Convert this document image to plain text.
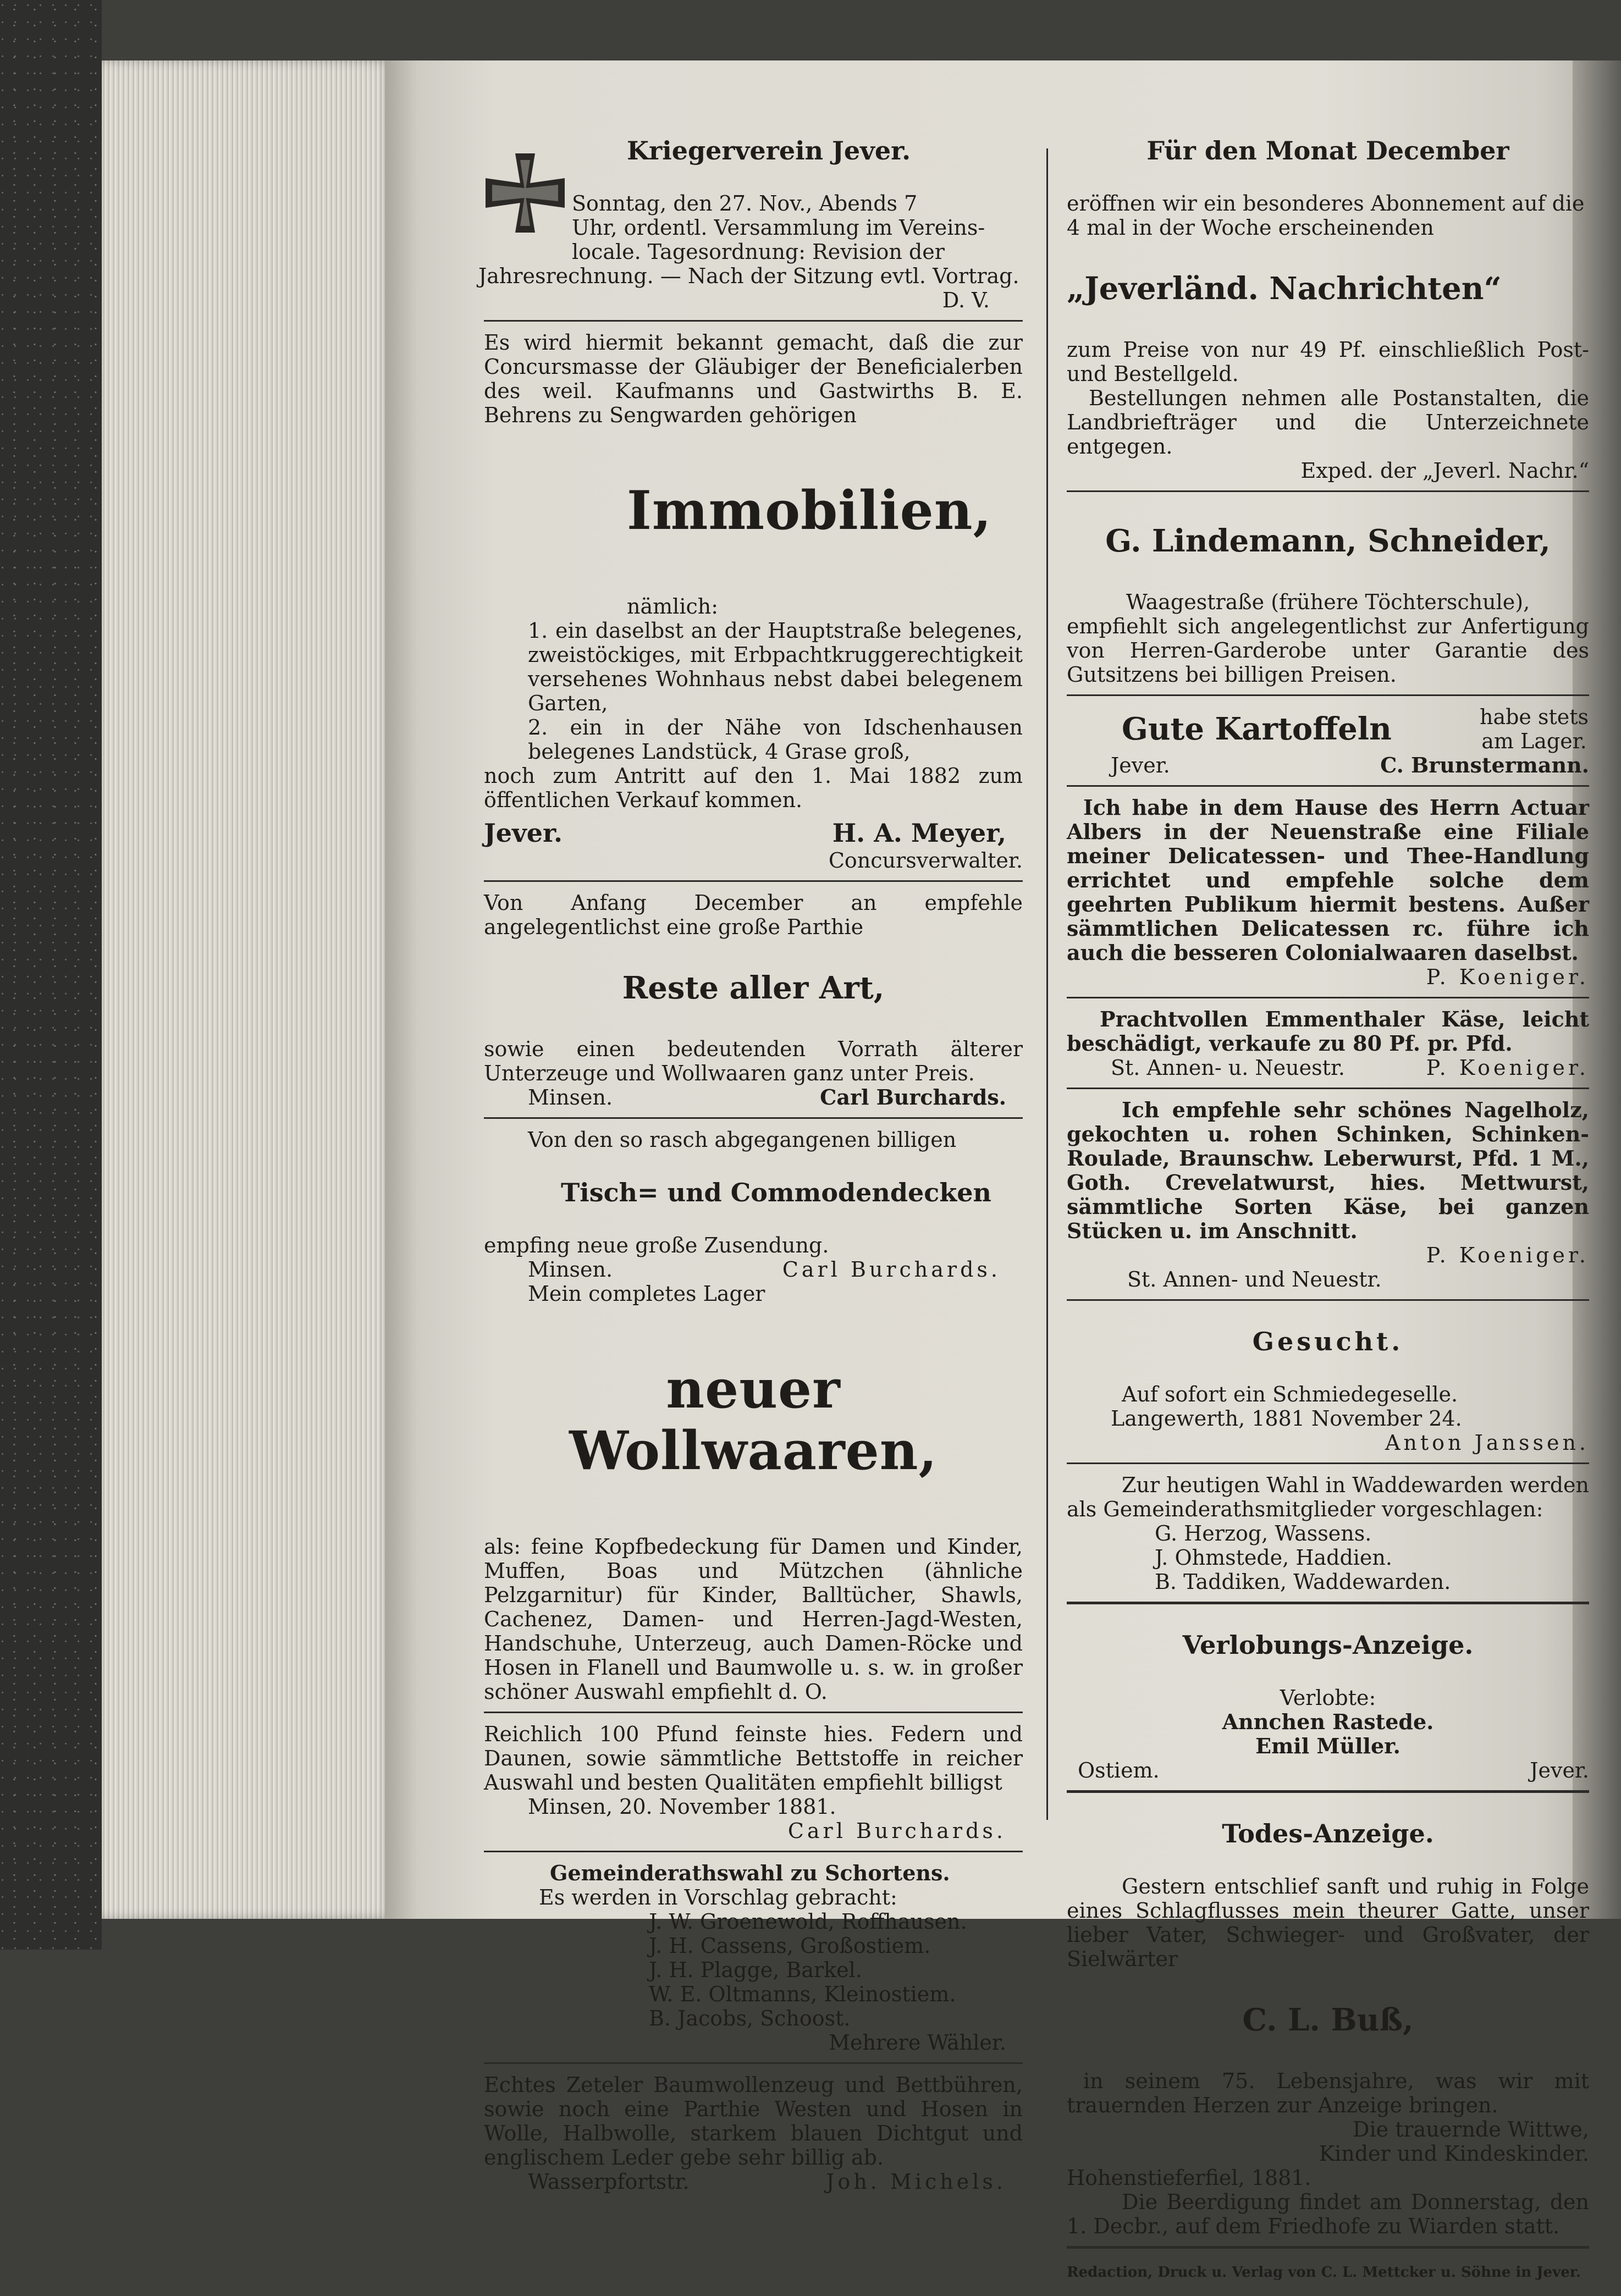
Kriegerverein Jever.

Sonntag, den 27. Nov., Abends 7

Uhr, ordentl. Versammlung im Vereins-

locale. Tagesordnung: Revision der

Jahresrechnung. — Nach der Sitzung evtl. Vortrag.

D. V.

Es wird hiermit bekannt gemacht, daß die zur Concursmasse der Gläubiger der Beneficialerben des weil. Kaufmanns und Gastwirths B. E. Behrens zu Sengwarden gehörigen

Immobilien,

nämlich:

1. ein daselbst an der Hauptstraße belegenes, zweistöckiges, mit Erbpachtkruggerechtigkeit versehenes Wohnhaus nebst dabei belegenem Garten,

2. ein in der Nähe von Idschenhausen belegenes Landstück, 4 Grase groß,

noch zum Antritt auf den 1. Mai 1882 zum öffentlichen Verkauf kommen.

Jever.	H. A. Meyer,

Concursverwalter.

Von Anfang December an empfehle angelegentlichst eine große Parthie

Reste aller Art,

sowie einen bedeutenden Vorrath älterer Unterzeuge und Wollwaaren ganz unter Preis.

Minsen.	Carl Burchards.

Von den so rasch abgegangenen billigen

Tisch= und Commodendecken

empfing neue große Zusendung.

Minsen.	Carl Burchards.

Mein completes Lager

neuer Wollwaaren,

als: feine Kopfbedeckung für Damen und Kinder, Muffen, Boas und Mützchen (ähnliche Pelzgarnitur) für Kinder, Balltücher, Shawls, Cachenez, Damen- und Herren-Jagd-Westen, Handschuhe, Unterzeug, auch Damen-Röcke und Hosen in Flanell und Baumwolle u. s. w. in großer schöner Auswahl empfiehlt d. O.

Reichlich 100 Pfund feinste hies. Federn und Daunen, sowie sämmtliche Bettstoffe in reicher Auswahl und besten Qualitäten empfiehlt billigst

Minsen, 20. November 1881.

Carl Burchards.

Gemeinderathswahl zu Schortens.

Es werden in Vorschlag gebracht:

J. W. Groenewold, Roffhausen.

J. H. Cassens, Großostiem.

J. H. Plagge, Barkel.

W. E. Oltmanns, Kleinostiem.

B. Jacobs, Schoost.

Mehrere Wähler.

Echtes Zeteler Baumwollenzeug und Bettbühren, sowie noch eine Parthie Westen und Hosen in Wolle, Halbwolle, starkem blauen Dichtgut und englischem Leder gebe sehr billig ab.

Wasserpfortstr.	Joh. Michels.

Für den Monat December

eröffnen wir ein besonderes Abonnement auf die

4 mal in der Woche erscheinenden

„Jeverländ. Nachrichten“

zum Preise von nur 49 Pf. einschließlich Post- und Bestellgeld.

Bestellungen nehmen alle Postanstalten, die Landbriefträger und die Unterzeichnete entgegen.

Exped. der „Jeverl. Nachr.“

G. Lindemann, Schneider,

Waagestraße (frühere Töchterschule),

empfiehlt sich angelegentlichst zur Anfertigung von Herren-Garderobe unter Garantie des Gutsitzens bei billigen Preisen.

Gute Kartoffeln	habe stets am Lager.
Jever.	C. Brunstermann.

Ich habe in dem Hause des Herrn Actuar Albers in der Neuenstraße eine Filiale meiner Delicatessen- und Thee-Handlung errichtet und empfehle solche dem geehrten Publikum hiermit bestens. Außer sämmtlichen Delicatessen rc. führe ich auch die besseren Colonialwaaren daselbst.

P. Koeniger.

Prachtvollen Emmenthaler Käse, leicht beschädigt, verkaufe zu 80 Pf. pr. Pfd.

St. Annen- u. Neuestr.	P. Koeniger.

Ich empfehle sehr schönes Nagelholz, gekochten u. rohen Schinken, Schinken-Roulade, Braunschw. Leberwurst, Pfd. 1 M., Goth. Crevelatwurst, hies. Mettwurst, sämmtliche Sorten Käse, bei ganzen Stücken u. im Anschnitt.

P. Koeniger.

St. Annen- und Neuestr.

Gesucht.

Auf sofort ein Schmiedegeselle.

Langewerth, 1881 November 24.

Anton Janssen.

Zur heutigen Wahl in Waddewarden werden als Gemeinderathsmitglieder vorgeschlagen:

G. Herzog, Wassens.

J. Ohmstede, Haddien.

B. Taddiken, Waddewarden.

Verlobungs-Anzeige.

Verlobte:

Annchen Rastede.

Emil Müller.

Ostiem.	Jever.

Todes-Anzeige.

Gestern entschlief sanft und ruhig in Folge eines Schlagflusses mein theurer Gatte, unser lieber Vater, Schwieger- und Großvater, der Sielwärter

C. L. Buß,

in seinem 75. Lebensjahre, was wir mit trauernden Herzen zur Anzeige bringen.

Die trauernde Wittwe,

Kinder und Kindeskinder.

Hohenstieferfiel, 1881.

Die Beerdigung findet am Donnerstag, den 1. Decbr., auf dem Friedhofe zu Wiarden statt.

Redaction, Druck u. Verlag von C. L. Mettcker u. Söhne in Jever.
